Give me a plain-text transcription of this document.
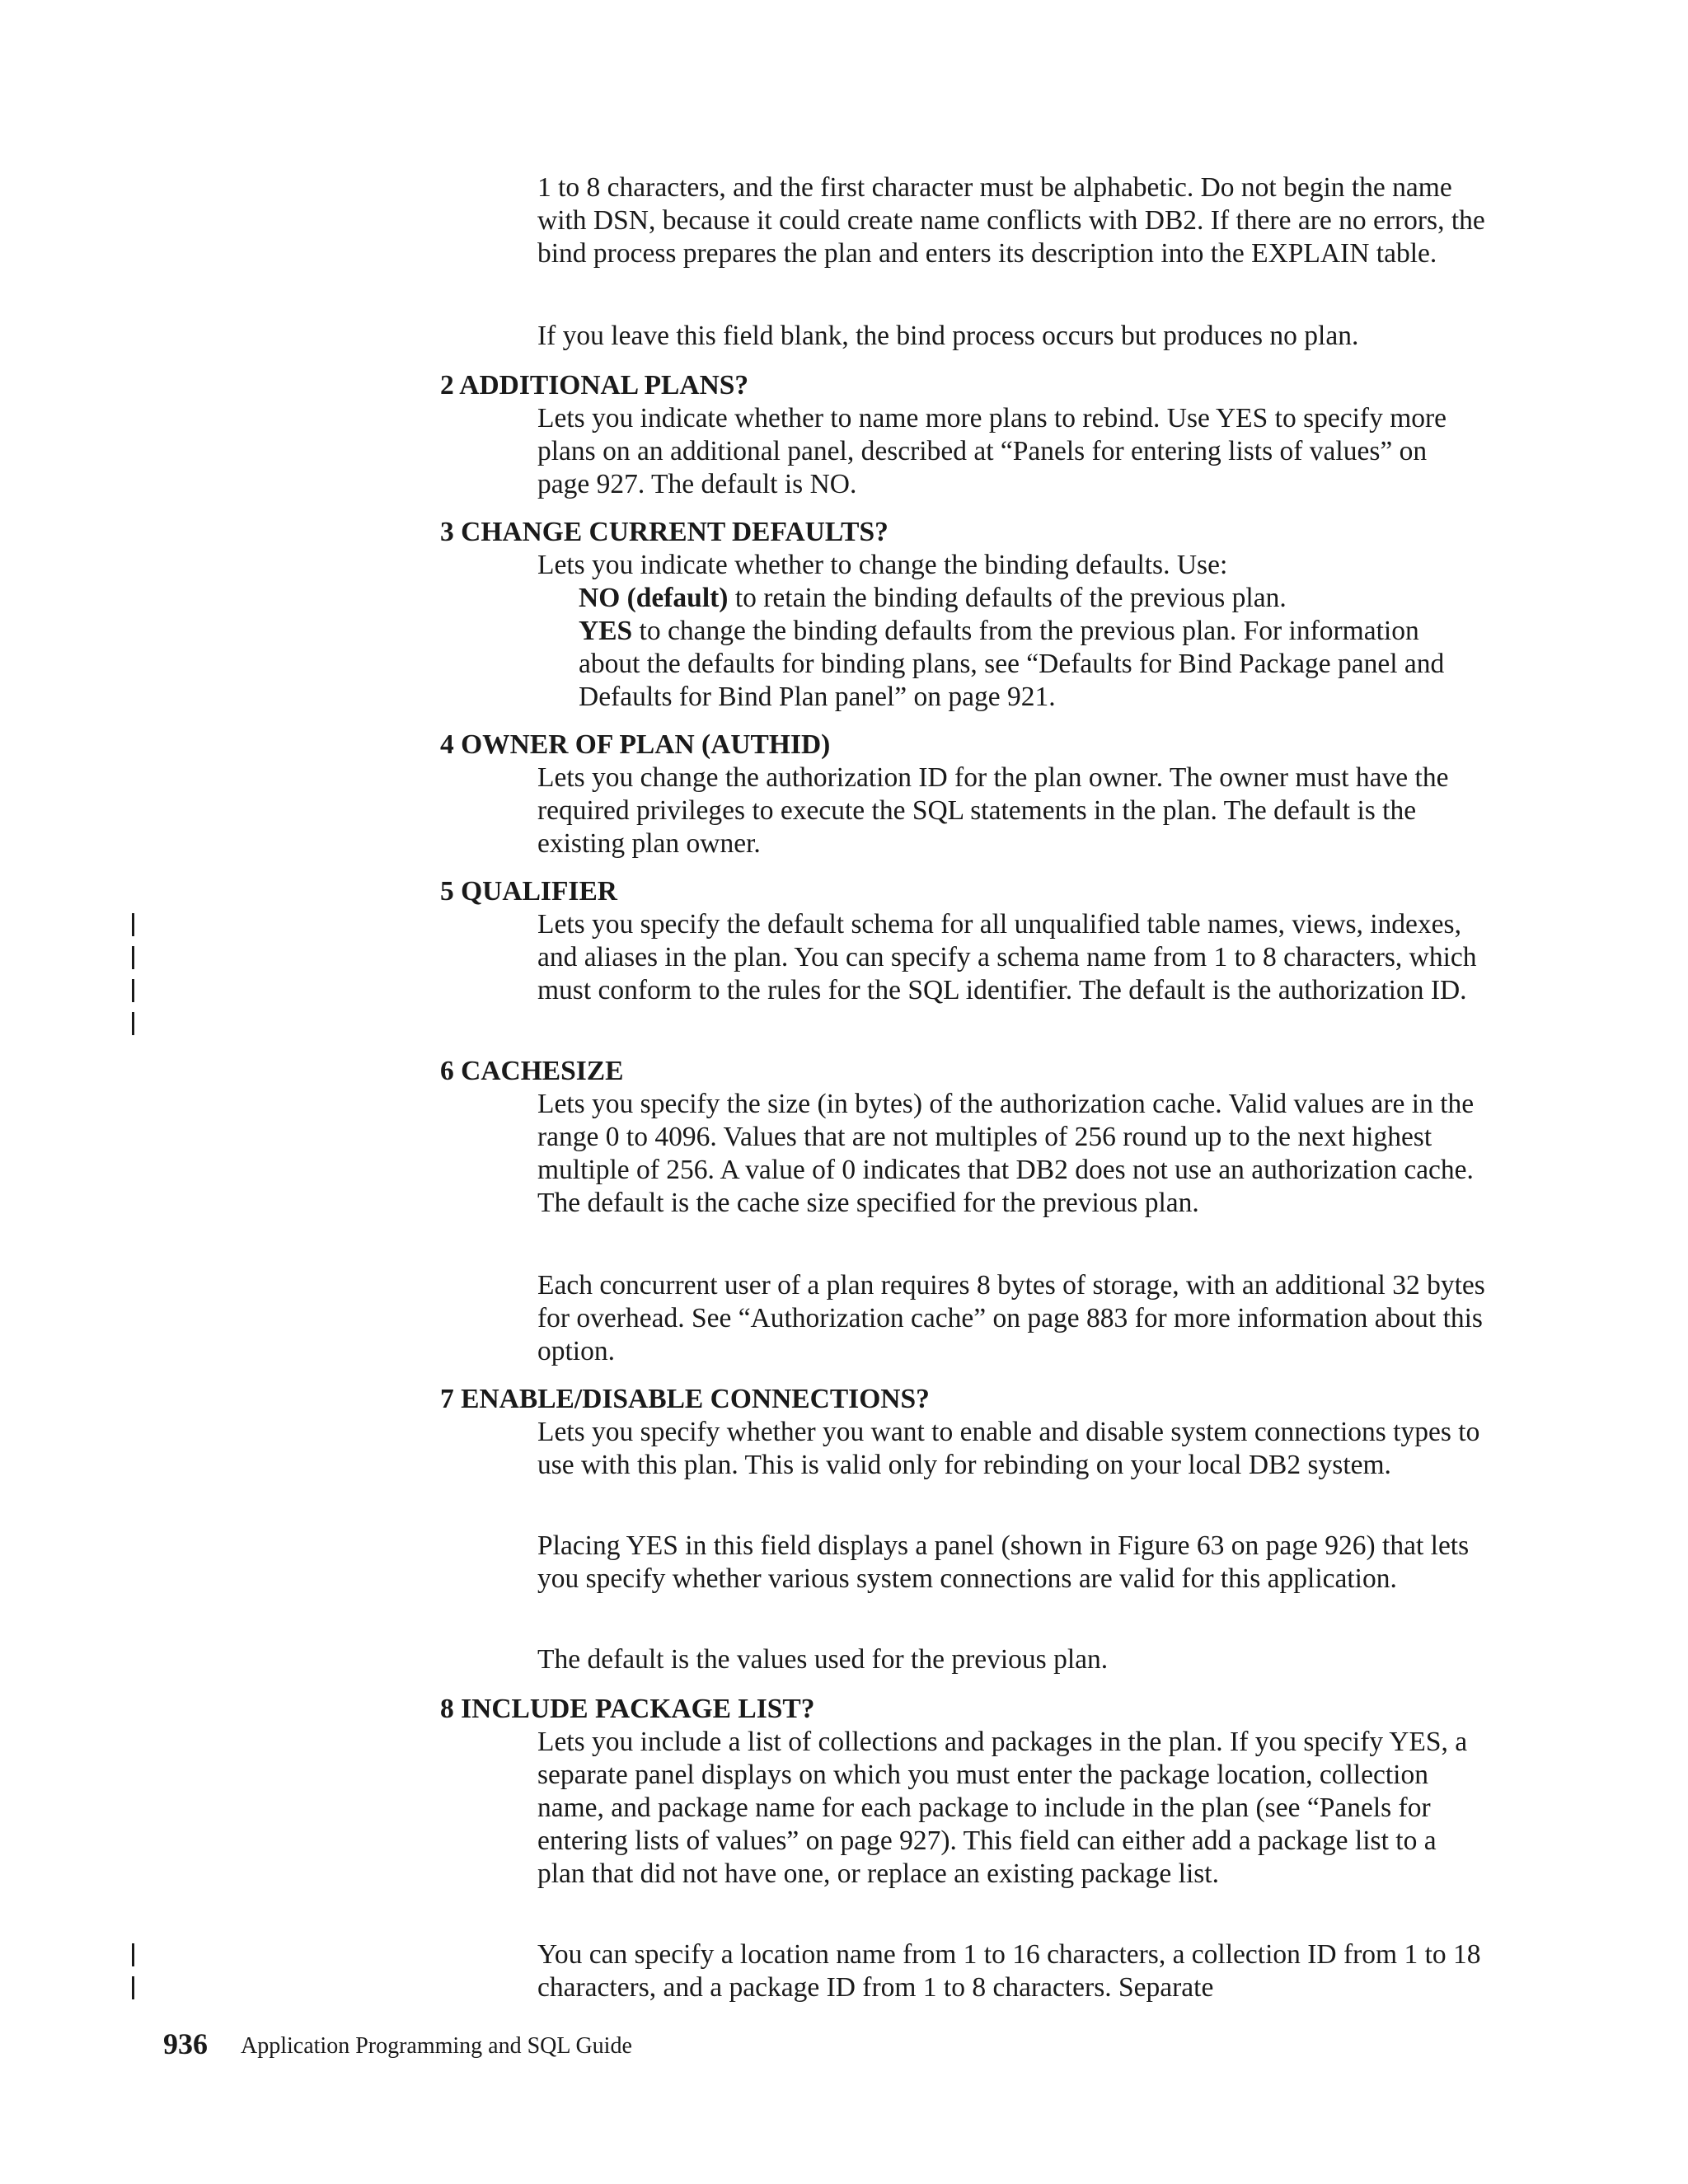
1 to 8 characters, and the first character must be alphabetic. Do not begin the name with DSN, because it could create name conflicts with DB2. If there are no errors, the bind process prepares the plan and enters its description into the EXPLAIN table.

If you leave this field blank, the bind process occurs but produces no plan.

2 ADDITIONAL PLANS?

Lets you indicate whether to name more plans to rebind. Use YES to specify more plans on an additional panel, described at “Panels for entering lists of values” on page 927. The default is NO.

3 CHANGE CURRENT DEFAULTS?

Lets you indicate whether to change the binding defaults. Use:

NO (default) to retain the binding defaults of the previous plan.

YES to change the binding defaults from the previous plan. For information about the defaults for binding plans, see “Defaults for Bind Package panel and Defaults for Bind Plan panel” on page 921.

4 OWNER OF PLAN (AUTHID)

Lets you change the authorization ID for the plan owner. The owner must have the required privileges to execute the SQL statements in the plan. The default is the existing plan owner.

5 QUALIFIER

Lets you specify the default schema for all unqualified table names, views, indexes, and aliases in the plan. You can specify a schema name from 1 to 8 characters, which must conform to the rules for the SQL identifier. The default is the authorization ID.

6 CACHESIZE

Lets you specify the size (in bytes) of the authorization cache. Valid values are in the range 0 to 4096. Values that are not multiples of 256 round up to the next highest multiple of 256. A value of 0 indicates that DB2 does not use an authorization cache. The default is the cache size specified for the previous plan.

Each concurrent user of a plan requires 8 bytes of storage, with an additional 32 bytes for overhead. See “Authorization cache” on page 883 for more information about this option.

7 ENABLE/DISABLE CONNECTIONS?

Lets you specify whether you want to enable and disable system connections types to use with this plan. This is valid only for rebinding on your local DB2 system.

Placing YES in this field displays a panel (shown in Figure 63 on page 926) that lets you specify whether various system connections are valid for this application.

The default is the values used for the previous plan.

8 INCLUDE PACKAGE LIST?

Lets you include a list of collections and packages in the plan. If you specify YES, a separate panel displays on which you must enter the package location, collection name, and package name for each package to include in the plan (see “Panels for entering lists of values” on page 927). This field can either add a package list to a plan that did not have one, or replace an existing package list.

You can specify a location name from 1 to 16 characters, a collection ID from 1 to 18 characters, and a package ID from 1 to 8 characters. Separate

936 Application Programming and SQL Guide
